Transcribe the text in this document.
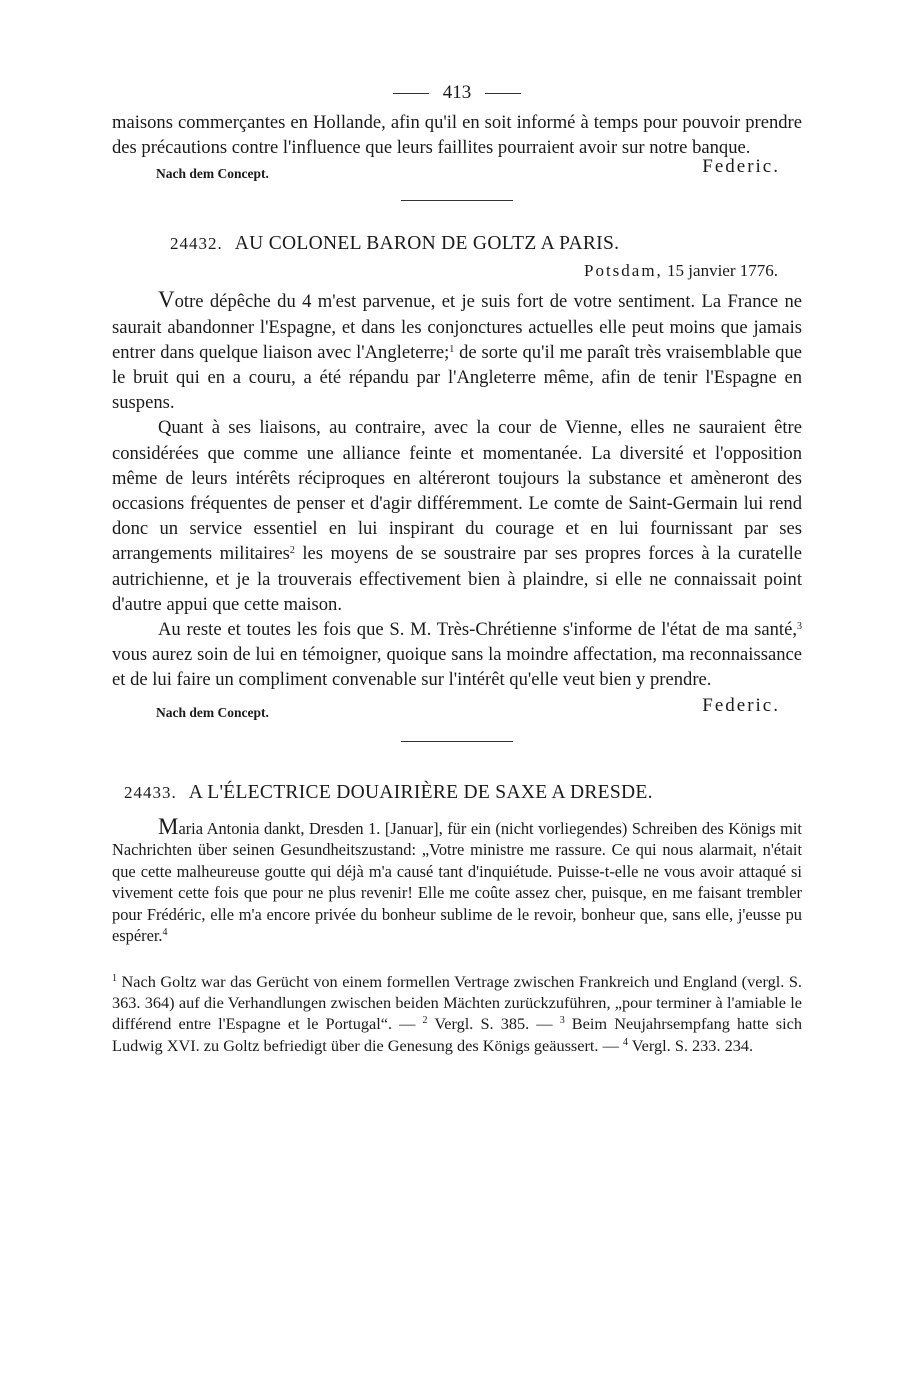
413

maisons commerçantes en Hollande, afin qu'il en soit informé à temps pour pouvoir prendre des précautions contre l'influence que leurs faillites pourraient avoir sur notre banque.

Nach dem Concept.	Federic.
24432. AU COLONEL BARON DE GOLTZ A PARIS.
Potsdam, 15 janvier 1776.

Votre dépêche du 4 m'est parvenue, et je suis fort de votre sentiment. La France ne saurait abandonner l'Espagne, et dans les conjonctures actuelles elle peut moins que jamais entrer dans quelque liaison avec l'Angleterre;$^1$ de sorte qu'il me paraît très vraisemblable que le bruit qui en a couru, a été répandu par l'Angleterre même, afin de tenir l'Espagne en suspens.

Quant à ses liaisons, au contraire, avec la cour de Vienne, elles ne sauraient être considérées que comme une alliance feinte et momentanée. La diversité et l'opposition même de leurs intérêts réciproques en altéreront toujours la substance et amèneront des occasions fréquentes de penser et d'agir différemment. Le comte de Saint-Germain lui rend donc un service essentiel en lui inspirant du courage et en lui fournissant par ses arrangements militaires$^2$ les moyens de se soustraire par ses propres forces à la curatelle autrichienne, et je la trouverais effectivement bien à plaindre, si elle ne connaissait point d'autre appui que cette maison.

Au reste et toutes les fois que S. M. Très-Chrétienne s'informe de l'état de ma santé,$^3$ vous aurez soin de lui en témoigner, quoique sans la moindre affectation, ma reconnaissance et de lui faire un compliment convenable sur l'intérêt qu'elle veut bien y prendre.

Nach dem Concept.	Federic.
24433. A L'ÉLECTRICE DOUAIRIÈRE DE SAXE A DRESDE.

Maria Antonia dankt, Dresden 1. [Januar], für ein (nicht vorliegendes) Schreiben des Königs mit Nachrichten über seinen Gesundheitszustand: „Votre ministre me rassure. Ce qui nous alarmait, n'était que cette malheureuse goutte qui déjà m'a causé tant d'inquiétude. Puisse-t-elle ne vous avoir attaqué si vivement cette fois que pour ne plus revenir! Elle me coûte assez cher, puisque, en me faisant trembler pour Frédéric, elle m'a encore privée du bonheur sublime de le revoir, bonheur que, sans elle, j'eusse pu espérer.$^4$

$^1$ Nach Goltz war das Gerücht von einem formellen Vertrage zwischen Frankreich und England (vergl. S. 363. 364) auf die Verhandlungen zwischen beiden Mächten zurückzuführen, „pour terminer à l'amiable le différend entre l'Espagne et le Portugal“. — $^2$ Vergl. S. 385. — $^3$ Beim Neujahrsempfang hatte sich Ludwig XVI. zu Goltz befriedigt über die Genesung des Königs geäussert. — $^4$ Vergl. S. 233. 234.
